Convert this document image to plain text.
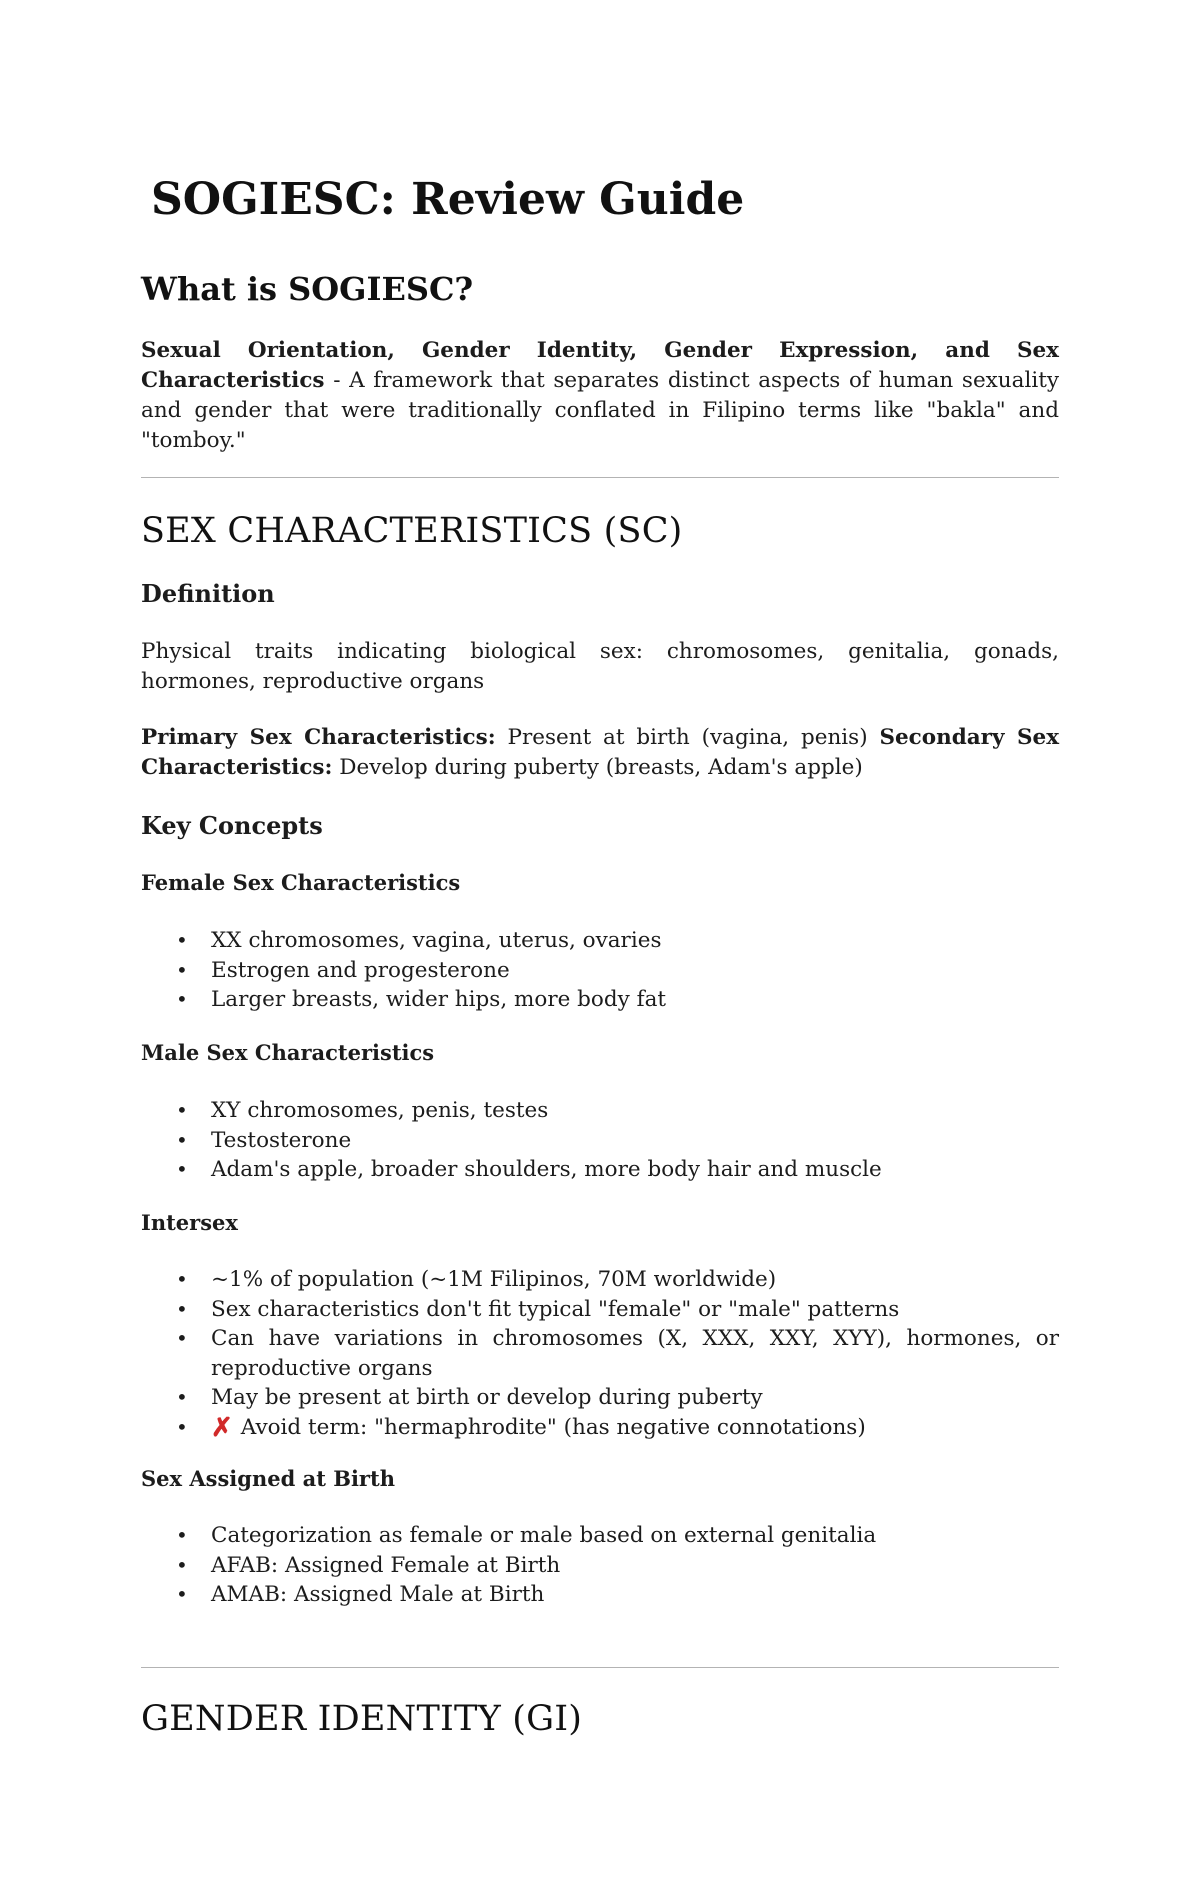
SOGIESC: Review Guide
What is SOGIESC?

Sexual Orientation, Gender Identity, Gender Expression, and Sex Characteristics - A framework that separates distinct aspects of human sexuality and gender that were traditionally conflated in Filipino terms like "bakla" and "tomboy."

SEX CHARACTERISTICS (SC)
Definition

Physical traits indicating biological sex: chromosomes, genitalia, gonads, hormones, reproductive organs

Primary Sex Characteristics: Present at birth (vagina, penis) Secondary Sex Characteristics: Develop during puberty (breasts, Adam's apple)

Key Concepts
Female Sex Characteristics
• XX chromosomes, vagina, uterus, ovaries
• Estrogen and progesterone
• Larger breasts, wider hips, more body fat
Male Sex Characteristics
• XY chromosomes, penis, testes
• Testosterone
• Adam's apple, broader shoulders, more body hair and muscle
Intersex
• ~1% of population (~1M Filipinos, 70M worldwide)
• Sex characteristics don't fit typical "female" or "male" patterns
• Can have variations in chromosomes (X, XXX, XXY, XYY), hormones, or reproductive organs
• May be present at birth or develop during puberty
• ✗ Avoid term: "hermaphrodite" (has negative connotations)
Sex Assigned at Birth
• Categorization as female or male based on external genitalia
• AFAB: Assigned Female at Birth
• AMAB: Assigned Male at Birth
GENDER IDENTITY (GI)
